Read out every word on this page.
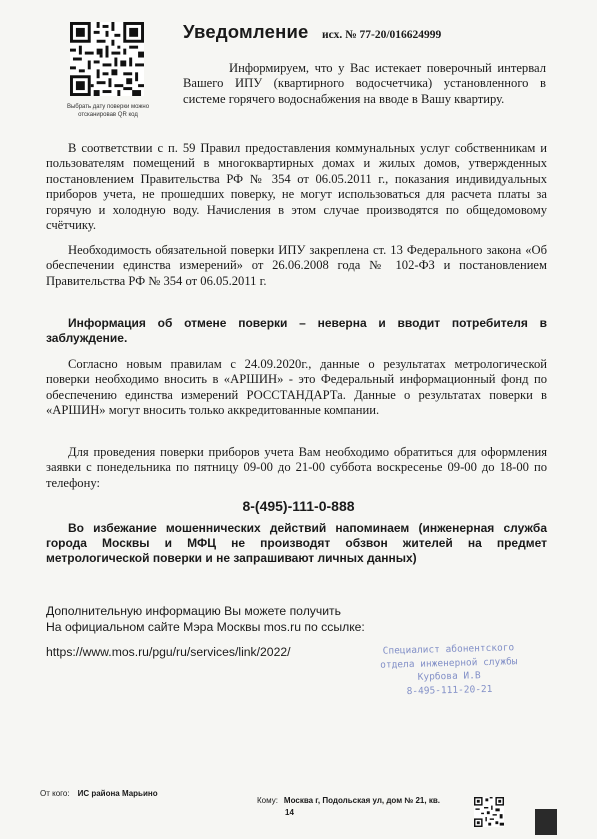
Выбрать дату поверки можно отсканировав QR код
Уведомление исх. № 77-20/016624999
Информируем, что у Вас истекает поверочный интервал Вашего ИПУ (квартирного водосчетчика) установленного в системе горячего водоснабжения на вводе в Вашу квартиру.
В соответствии с п. 59 Правил предоставления коммунальных услуг собственникам и пользователям помещений в многоквартирных домах и жилых домов, утвержденных постановлением Правительства РФ № 354 от 06.05.2011 г., показания индивидуальных приборов учета, не прошедших поверку, не могут использоваться для расчета платы за горячую и холодную воду. Начисления в этом случае производятся по общедомовому счётчику.
Необходимость обязательной поверки ИПУ закреплена ст. 13 Федерального закона «Об обеспечении единства измерений» от 26.06.2008 года № 102-ФЗ и постановлением Правительства РФ № 354 от 06.05.2011 г.
Информация об отмене поверки – неверна и вводит потребителя в заблуждение.
Согласно новым правилам с 24.09.2020г., данные о результатах метрологической поверки необходимо вносить в «АРШИН» - это Федеральный информационный фонд по обеспечению единства измерений РОССТАНДАРТа. Данные о результатах поверки в «АРШИН» могут вносить только аккредитованные компании.
Для проведения поверки приборов учета Вам необходимо обратиться для оформления заявки с понедельника по пятницу 09-00 до 21-00 суббота воскресенье 09-00 до 18-00 по телефону:
8-(495)-111-0-888
Во избежание мошеннических действий напоминаем (инженерная служба города Москвы и МФЦ не производят обзвон жителей на предмет метрологической поверки и не запрашивают личных данных)
Дополнительную информацию Вы можете получить
На официальном сайте Мэра Москвы mos.ru по ссылке:
https://www.mos.ru/pgu/ru/services/link/2022/	Специалист абонентского
отдела инженерной службы
Курбова И.В
8-495-111-20-21
От кого: ИС района Марьино
Кому: Москва г, Подольская ул, дом № 21, кв.
14
